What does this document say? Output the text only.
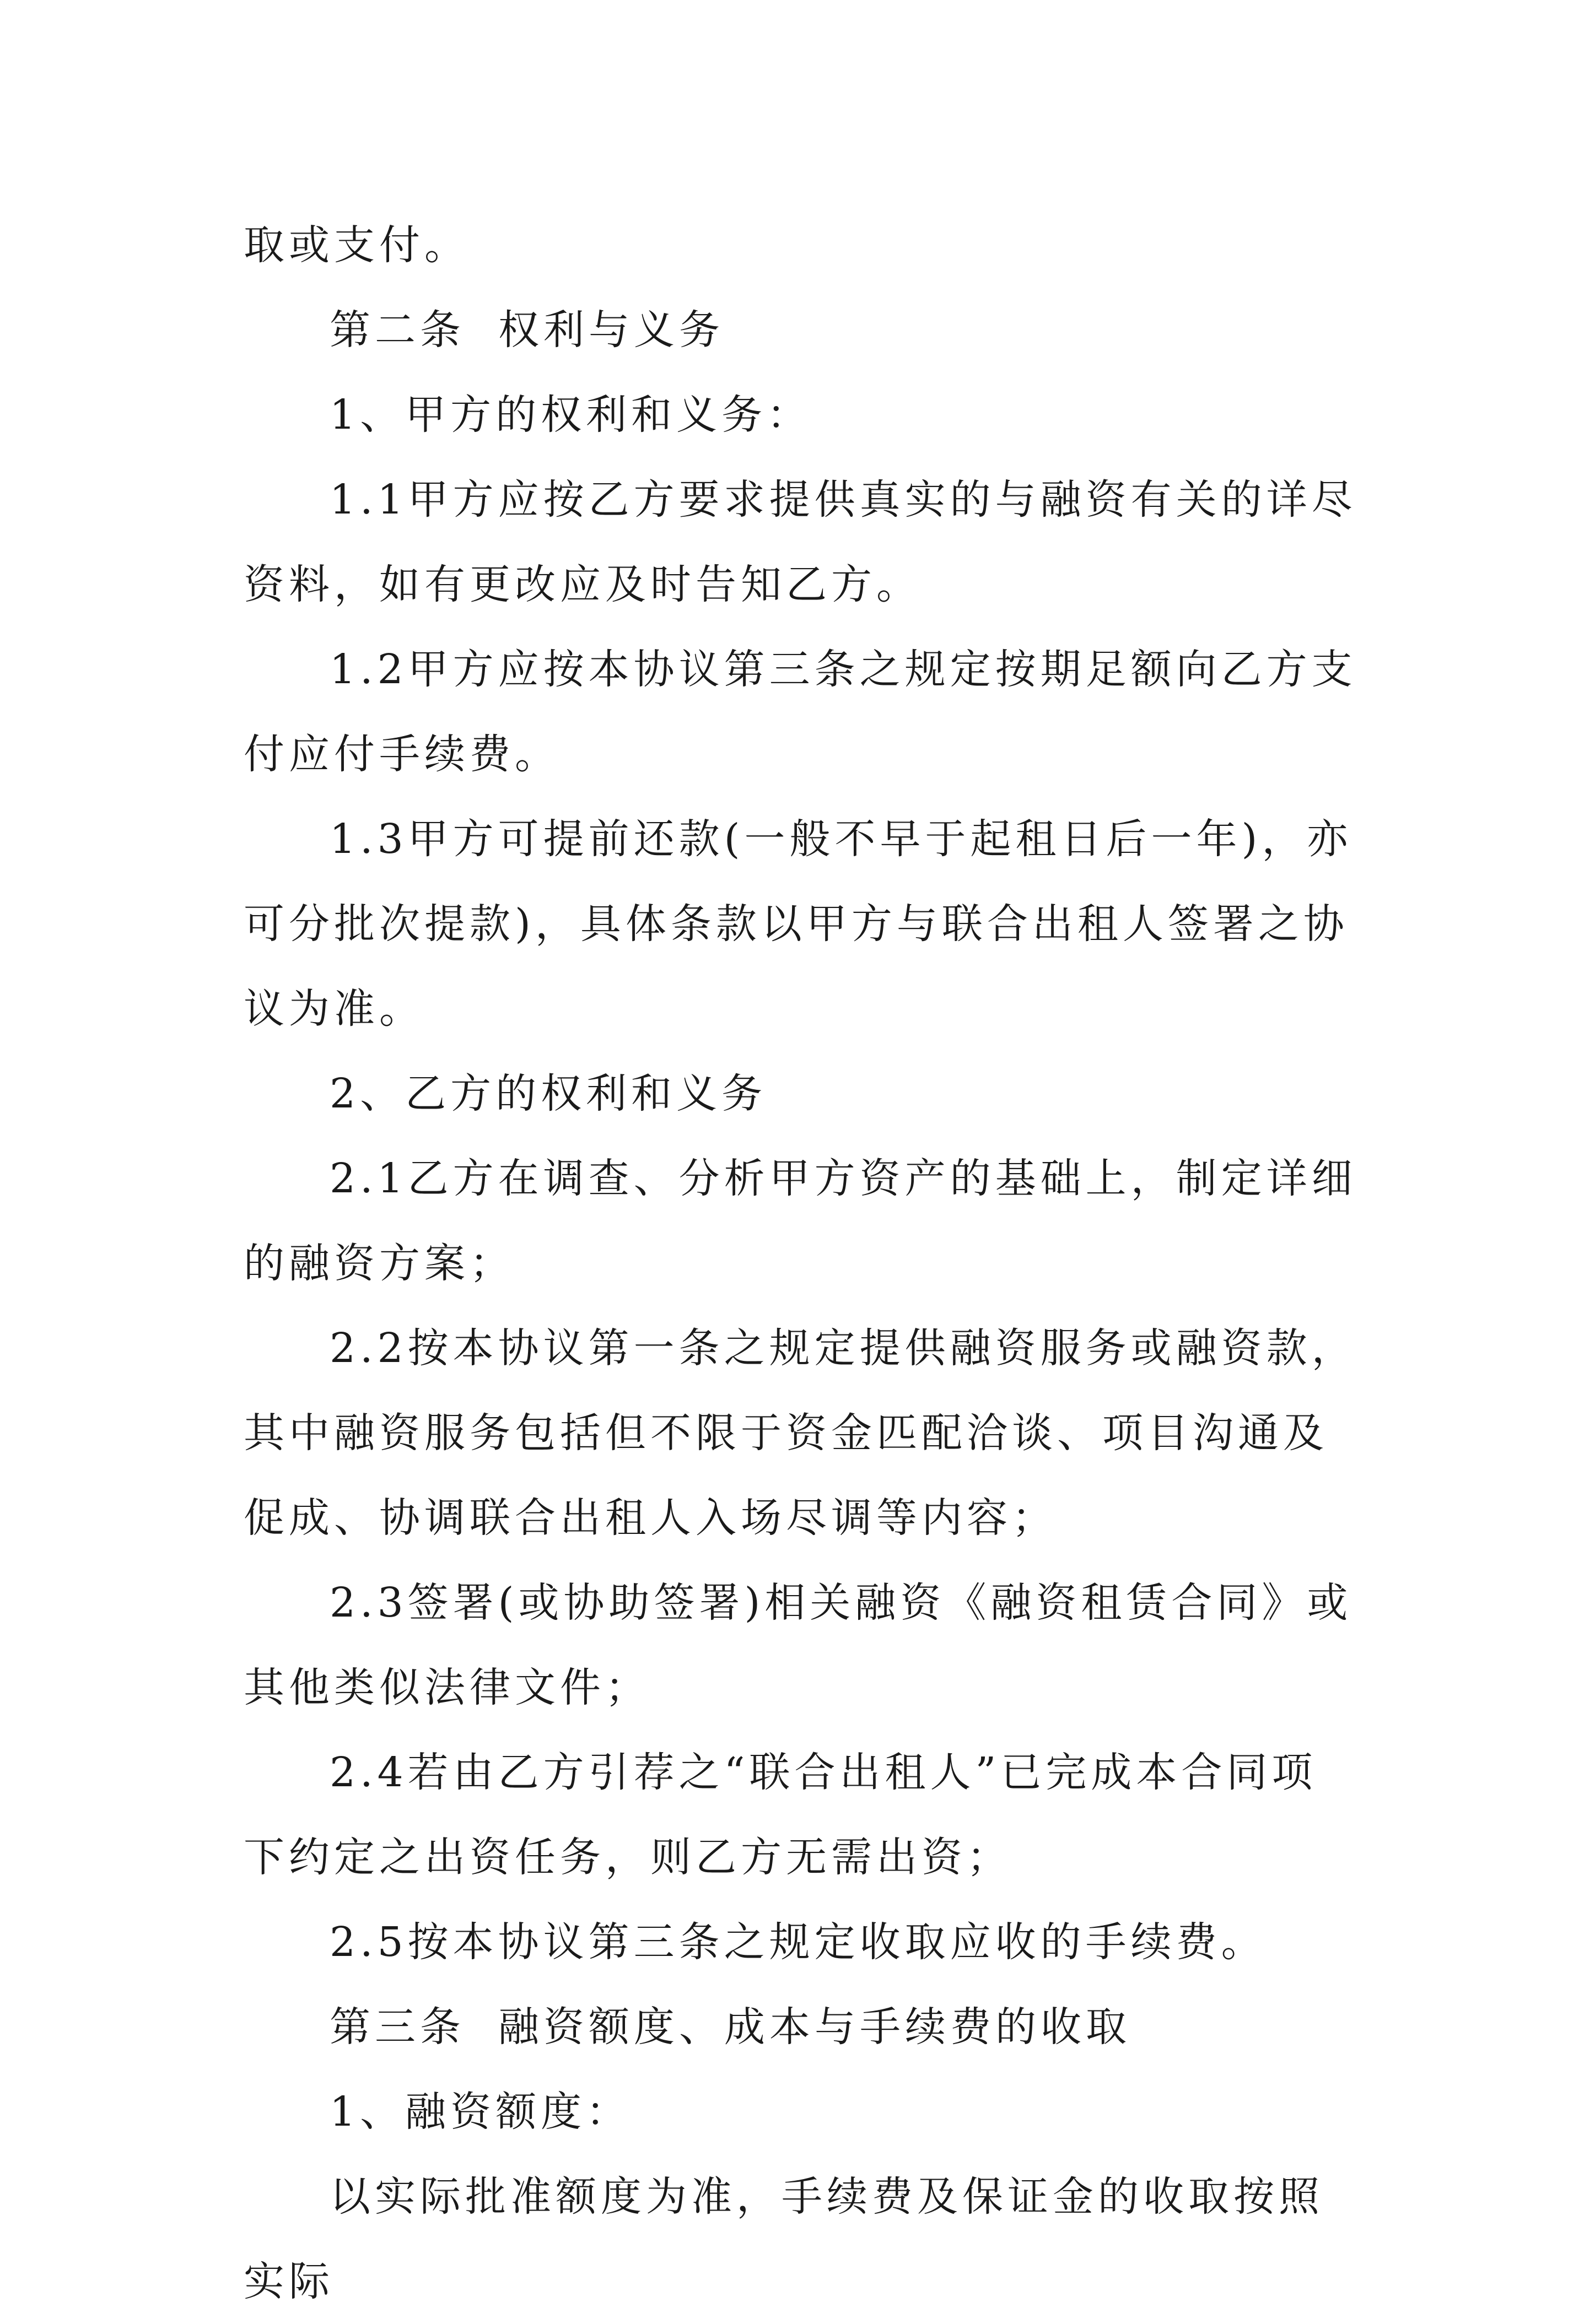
取或支付。

第二条 权利与义务

1、甲方的权利和义务：

1.1甲方应按乙方要求提供真实的与融资有关的详尽资料，如有更改应及时告知乙方。

1.2甲方应按本协议第三条之规定按期足额向乙方支付应付手续费。

1.3甲方可提前还款(一般不早于起租日后一年)，亦可分批次提款)，具体条款以甲方与联合出租人签署之协议为准。

2、乙方的权利和义务

2.1乙方在调查、分析甲方资产的基础上，制定详细的融资方案；

2.2按本协议第一条之规定提供融资服务或融资款，其中融资服务包括但不限于资金匹配洽谈、项目沟通及促成、协调联合出租人入场尽调等内容；

2.3签署(或协助签署)相关融资《融资租赁合同》或其他类似法律文件；

2.4若由乙方引荐之“联合出租人”已完成本合同项下约定之出资任务，则乙方无需出资；

2.5按本协议第三条之规定收取应收的手续费。

第三条 融资额度、成本与手续费的收取

1、融资额度：

以实际批准额度为准，手续费及保证金的收取按照实际
